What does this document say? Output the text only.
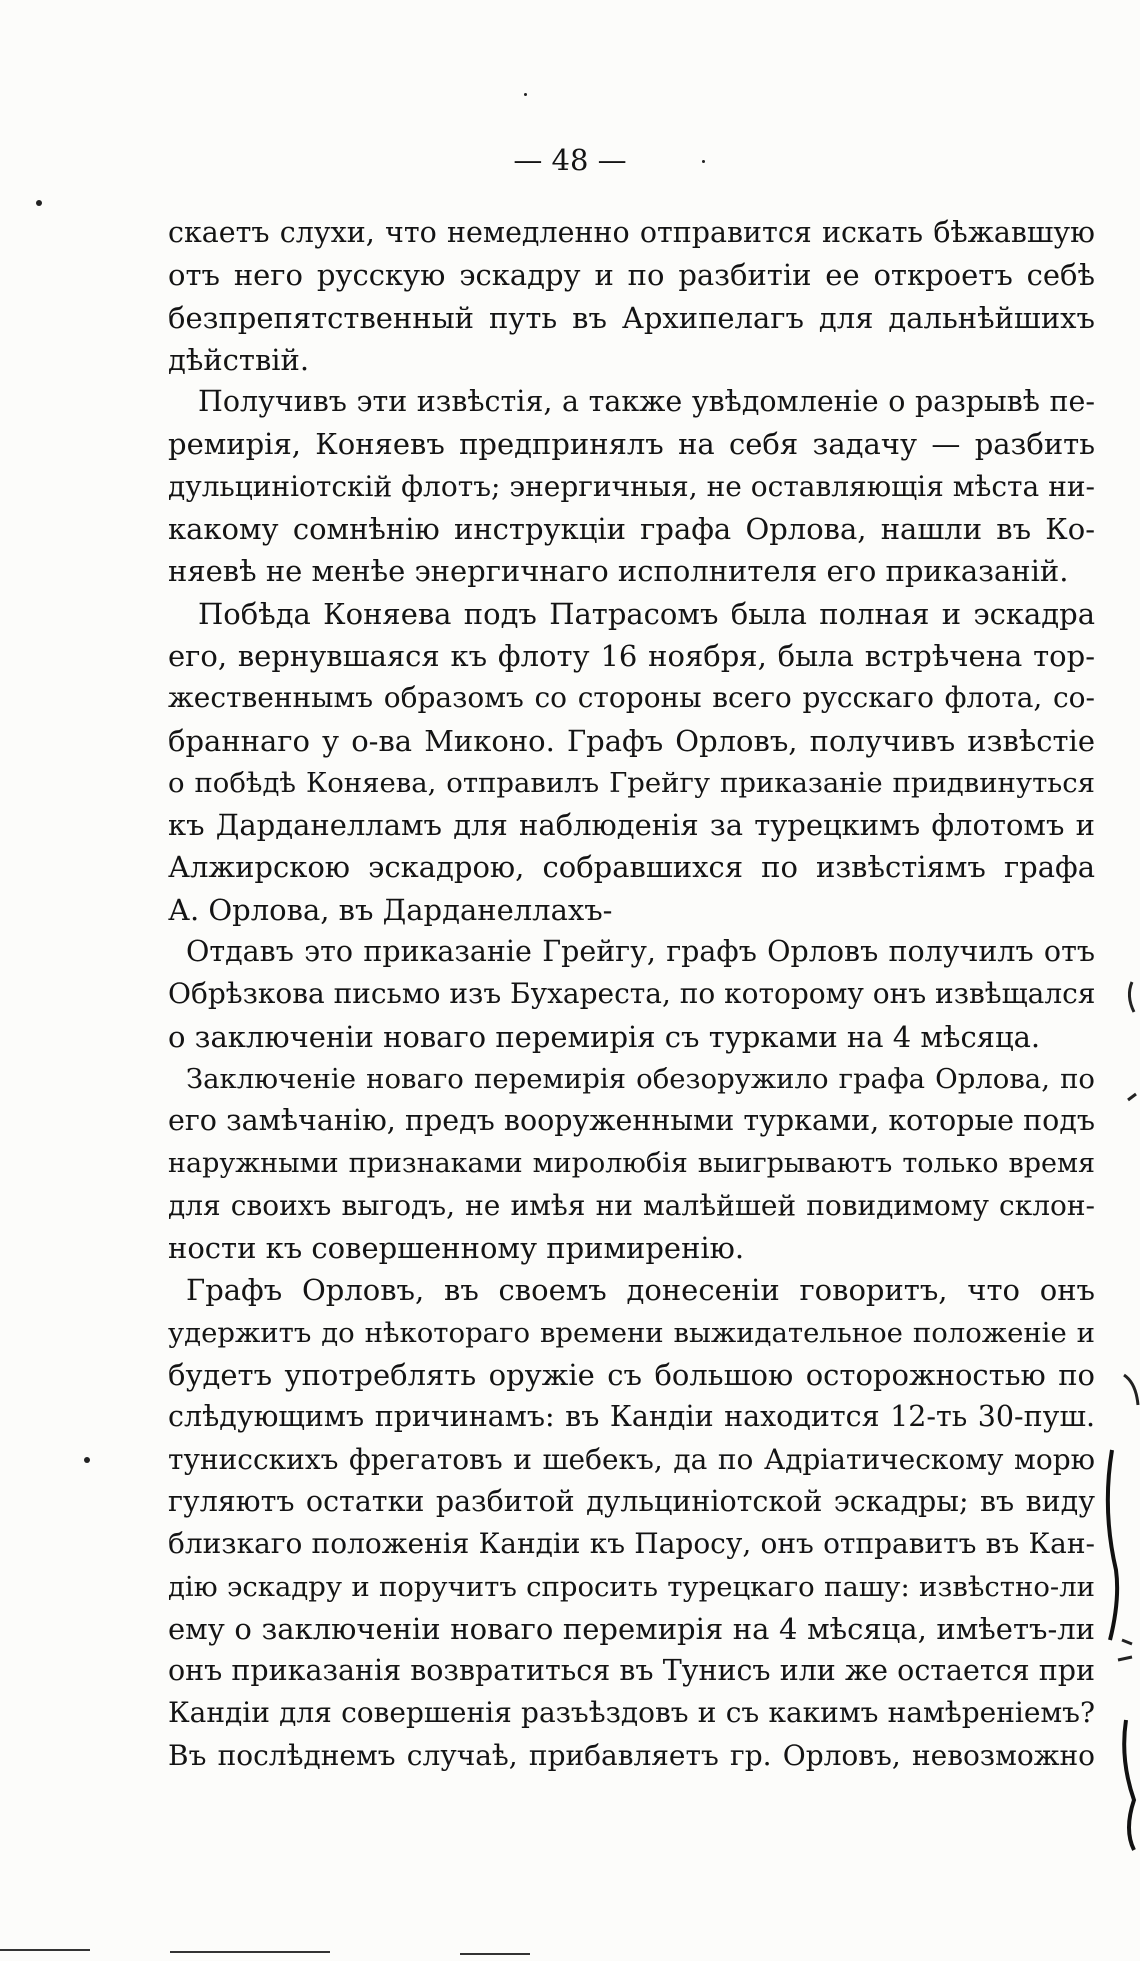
— 48 —
скаетъ слухи, что немедленно отправится искать бѣжавшую
отъ него русскую эскадру и по разбитіи ее откроетъ себѣ
безпрепятственный путь въ Архипелагъ для дальнѣйшихъ
дѣйствій.
Получивъ эти извѣстія, а также увѣдомленіе о разрывѣ пе-
ремирія, Коняевъ предпринялъ на себя задачу — разбить
дульциніотскій флотъ; энергичныя, не оставляющія мѣста ни-
какому сомнѣнію инструкціи графа Орлова, нашли въ Ко-
няевѣ не менѣе энергичнаго исполнителя его приказаній.
Побѣда Коняева подъ Патрасомъ была полная и эскадра
его, вернувшаяся къ флоту 16 ноября, была встрѣчена тор-
жественнымъ образомъ со стороны всего русскаго флота, со-
браннаго у о-ва Миконо. Графъ Орловъ, получивъ извѣстіе
о побѣдѣ Коняева, отправилъ Грейгу приказаніе придвинуться
къ Дарданелламъ для наблюденія за турецкимъ флотомъ и
Алжирскою эскадрою, собравшихся по извѣстіямъ графа
А. Орлова, въ Дарданеллахъ-
Отдавъ это приказаніе Грейгу, графъ Орловъ получилъ отъ
Обрѣзкова письмо изъ Бухареста, по которому онъ извѣщался
о заключеніи новаго перемирія съ турками на 4 мѣсяца.
Заключеніе новаго перемирія обезоружило графа Орлова, по
его замѣчанію, предъ вооруженными турками, которые подъ
наружными признаками миролюбія выигрываютъ только время
для своихъ выгодъ, не имѣя ни малѣйшей повидимому склон-
ности къ совершенному примиренію.
Графъ Орловъ, въ своемъ донесеніи говоритъ, что онъ
удержитъ до нѣкотораго времени выжидательное положеніе и
будетъ употреблять оружіе съ большою осторожностью по
слѣдующимъ причинамъ: въ Кандіи находится 12-ть 30-пуш.
тунисскихъ фрегатовъ и шебекъ, да по Адріатическому морю
гуляютъ остатки разбитой дульциніотской эскадры; въ виду
близкаго положенія Кандіи къ Паросу, онъ отправитъ въ Кан-
дію эскадру и поручитъ спросить турецкаго пашу: извѣстно-ли
ему о заключеніи новаго перемирія на 4 мѣсяца, имѣетъ-ли
онъ приказанія возвратиться въ Тунисъ или же остается при
Кандіи для совершенія разъѣздовъ и съ какимъ намѣреніемъ?
Въ послѣднемъ случаѣ, прибавляетъ гр. Орловъ, невозможно
